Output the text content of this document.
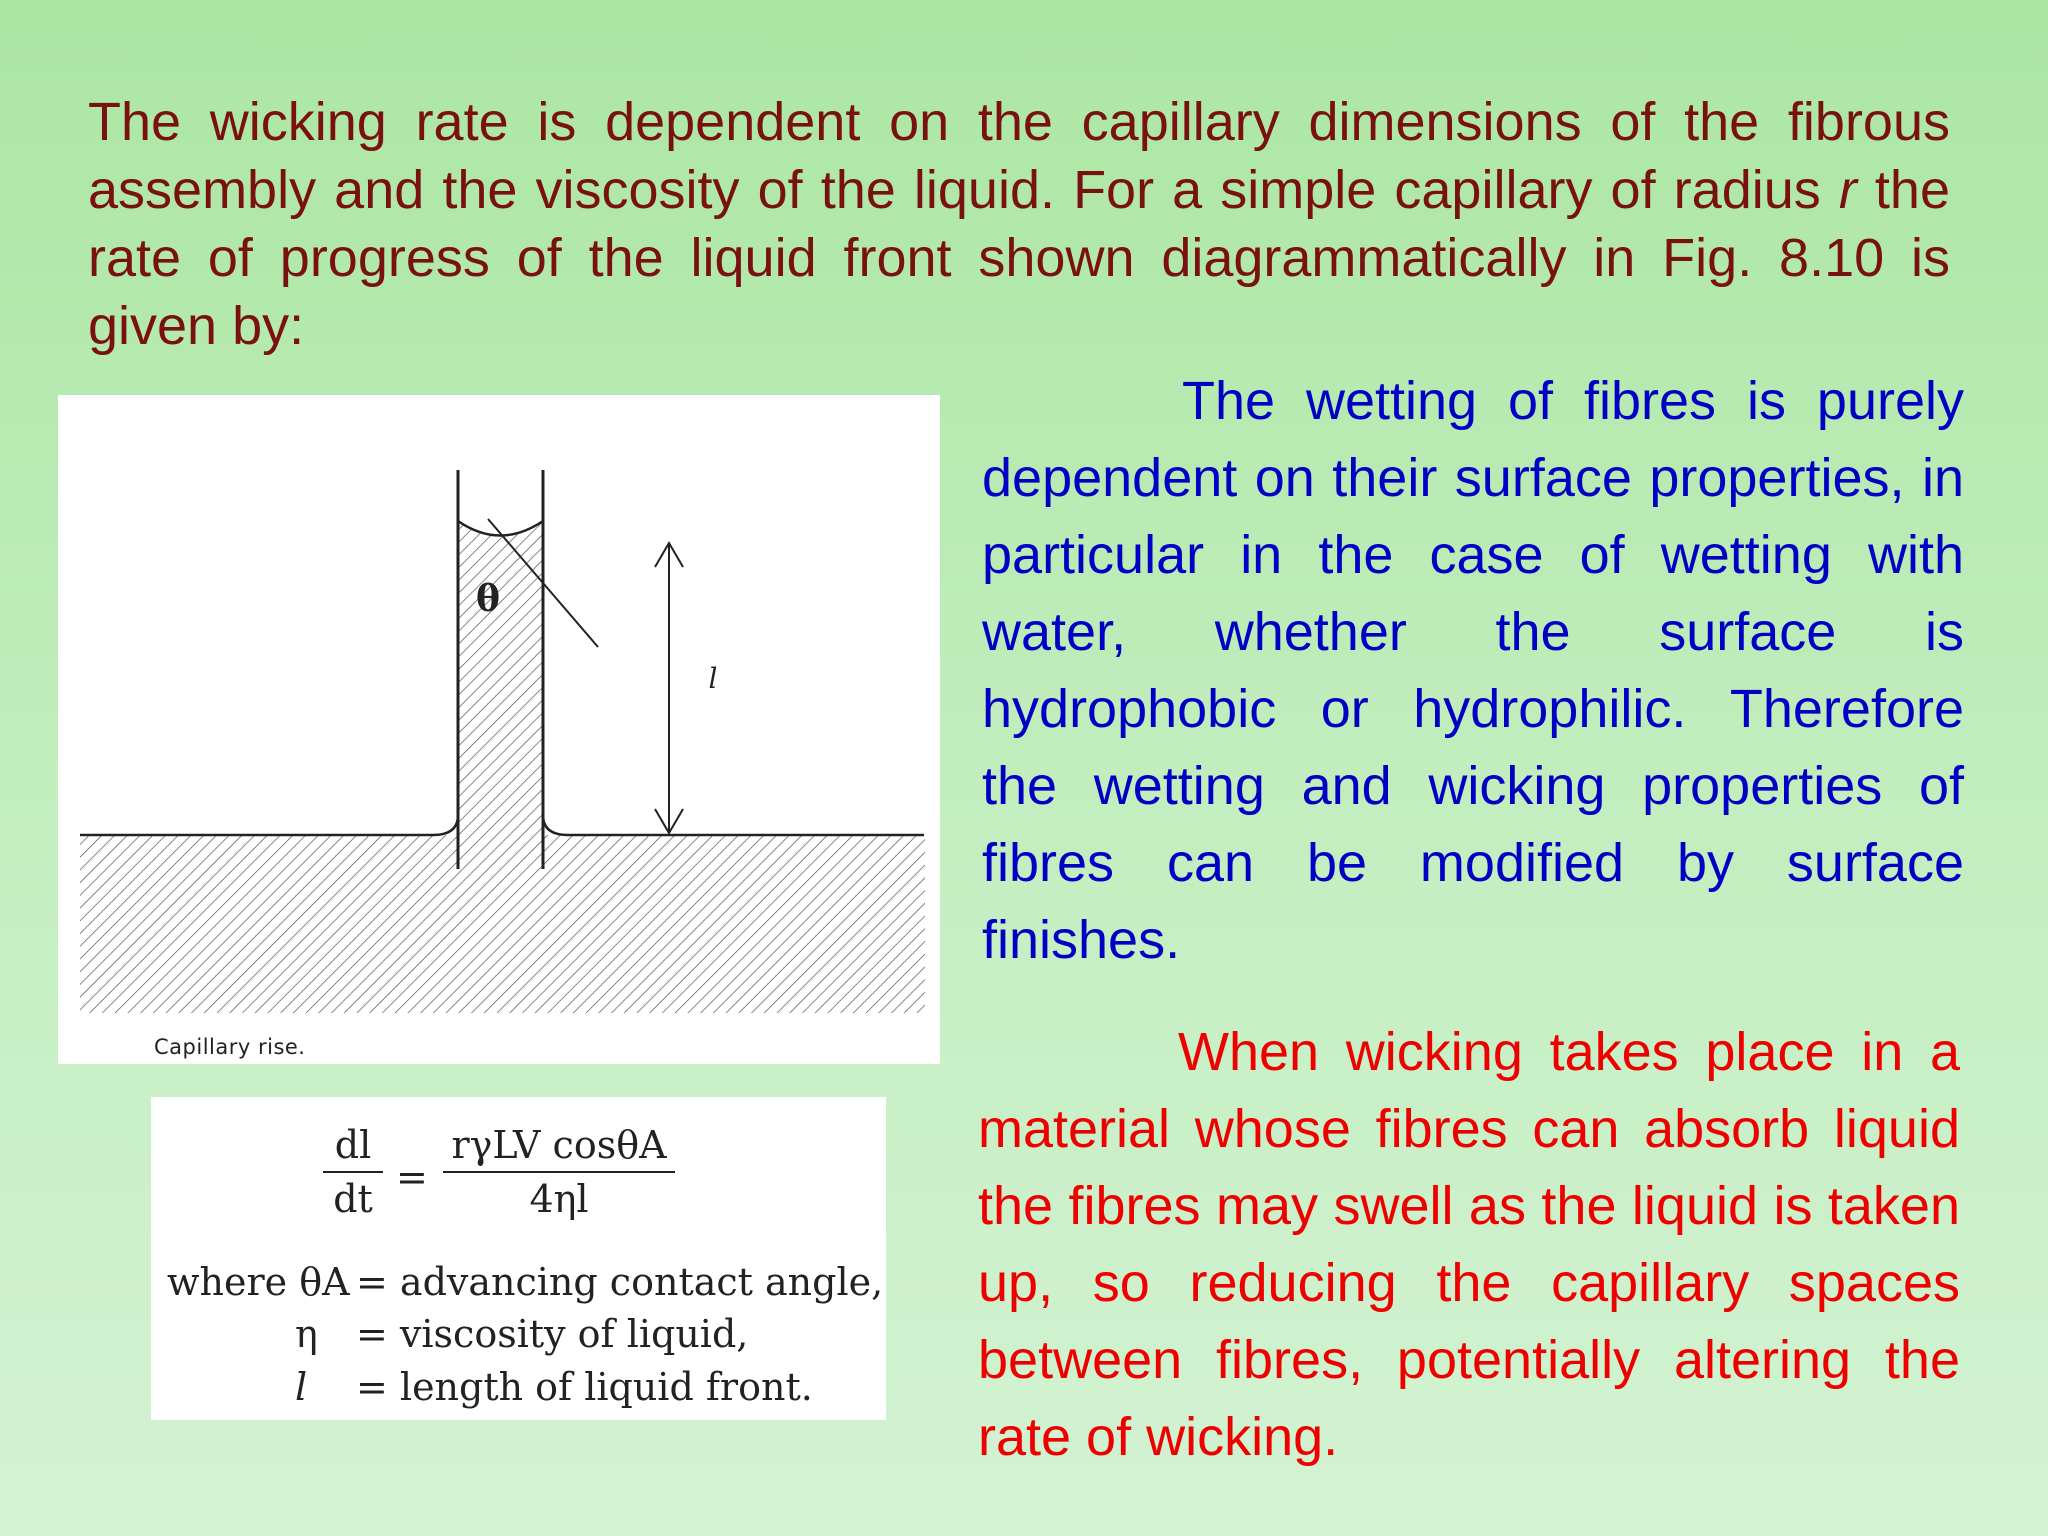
The wicking rate is dependent on the capillary dimensions of the fibrous assembly and the viscosity of the liquid. For a simple capillary of radius r the rate of progress of the liquid front shown diagrammatically in Fig. 8.10 is given by:

θ
l

Capillary rise.

dl
dt =
rγLV cosθA
4ηl
where θA = advancing contact angle,
η = viscosity of liquid,
l = length of liquid front.

The wetting of fibres is purely dependent on their surface properties, in particular in the case of wetting with water, whether the surface is hydrophobic or hydrophilic. Therefore the wetting and wicking properties of fibres can be modified by surface finishes.

When wicking takes place in a material whose fibres can absorb liquid the fibres may swell as the liquid is taken up, so reducing the capillary spaces between fibres, potentially altering the rate of wicking.
